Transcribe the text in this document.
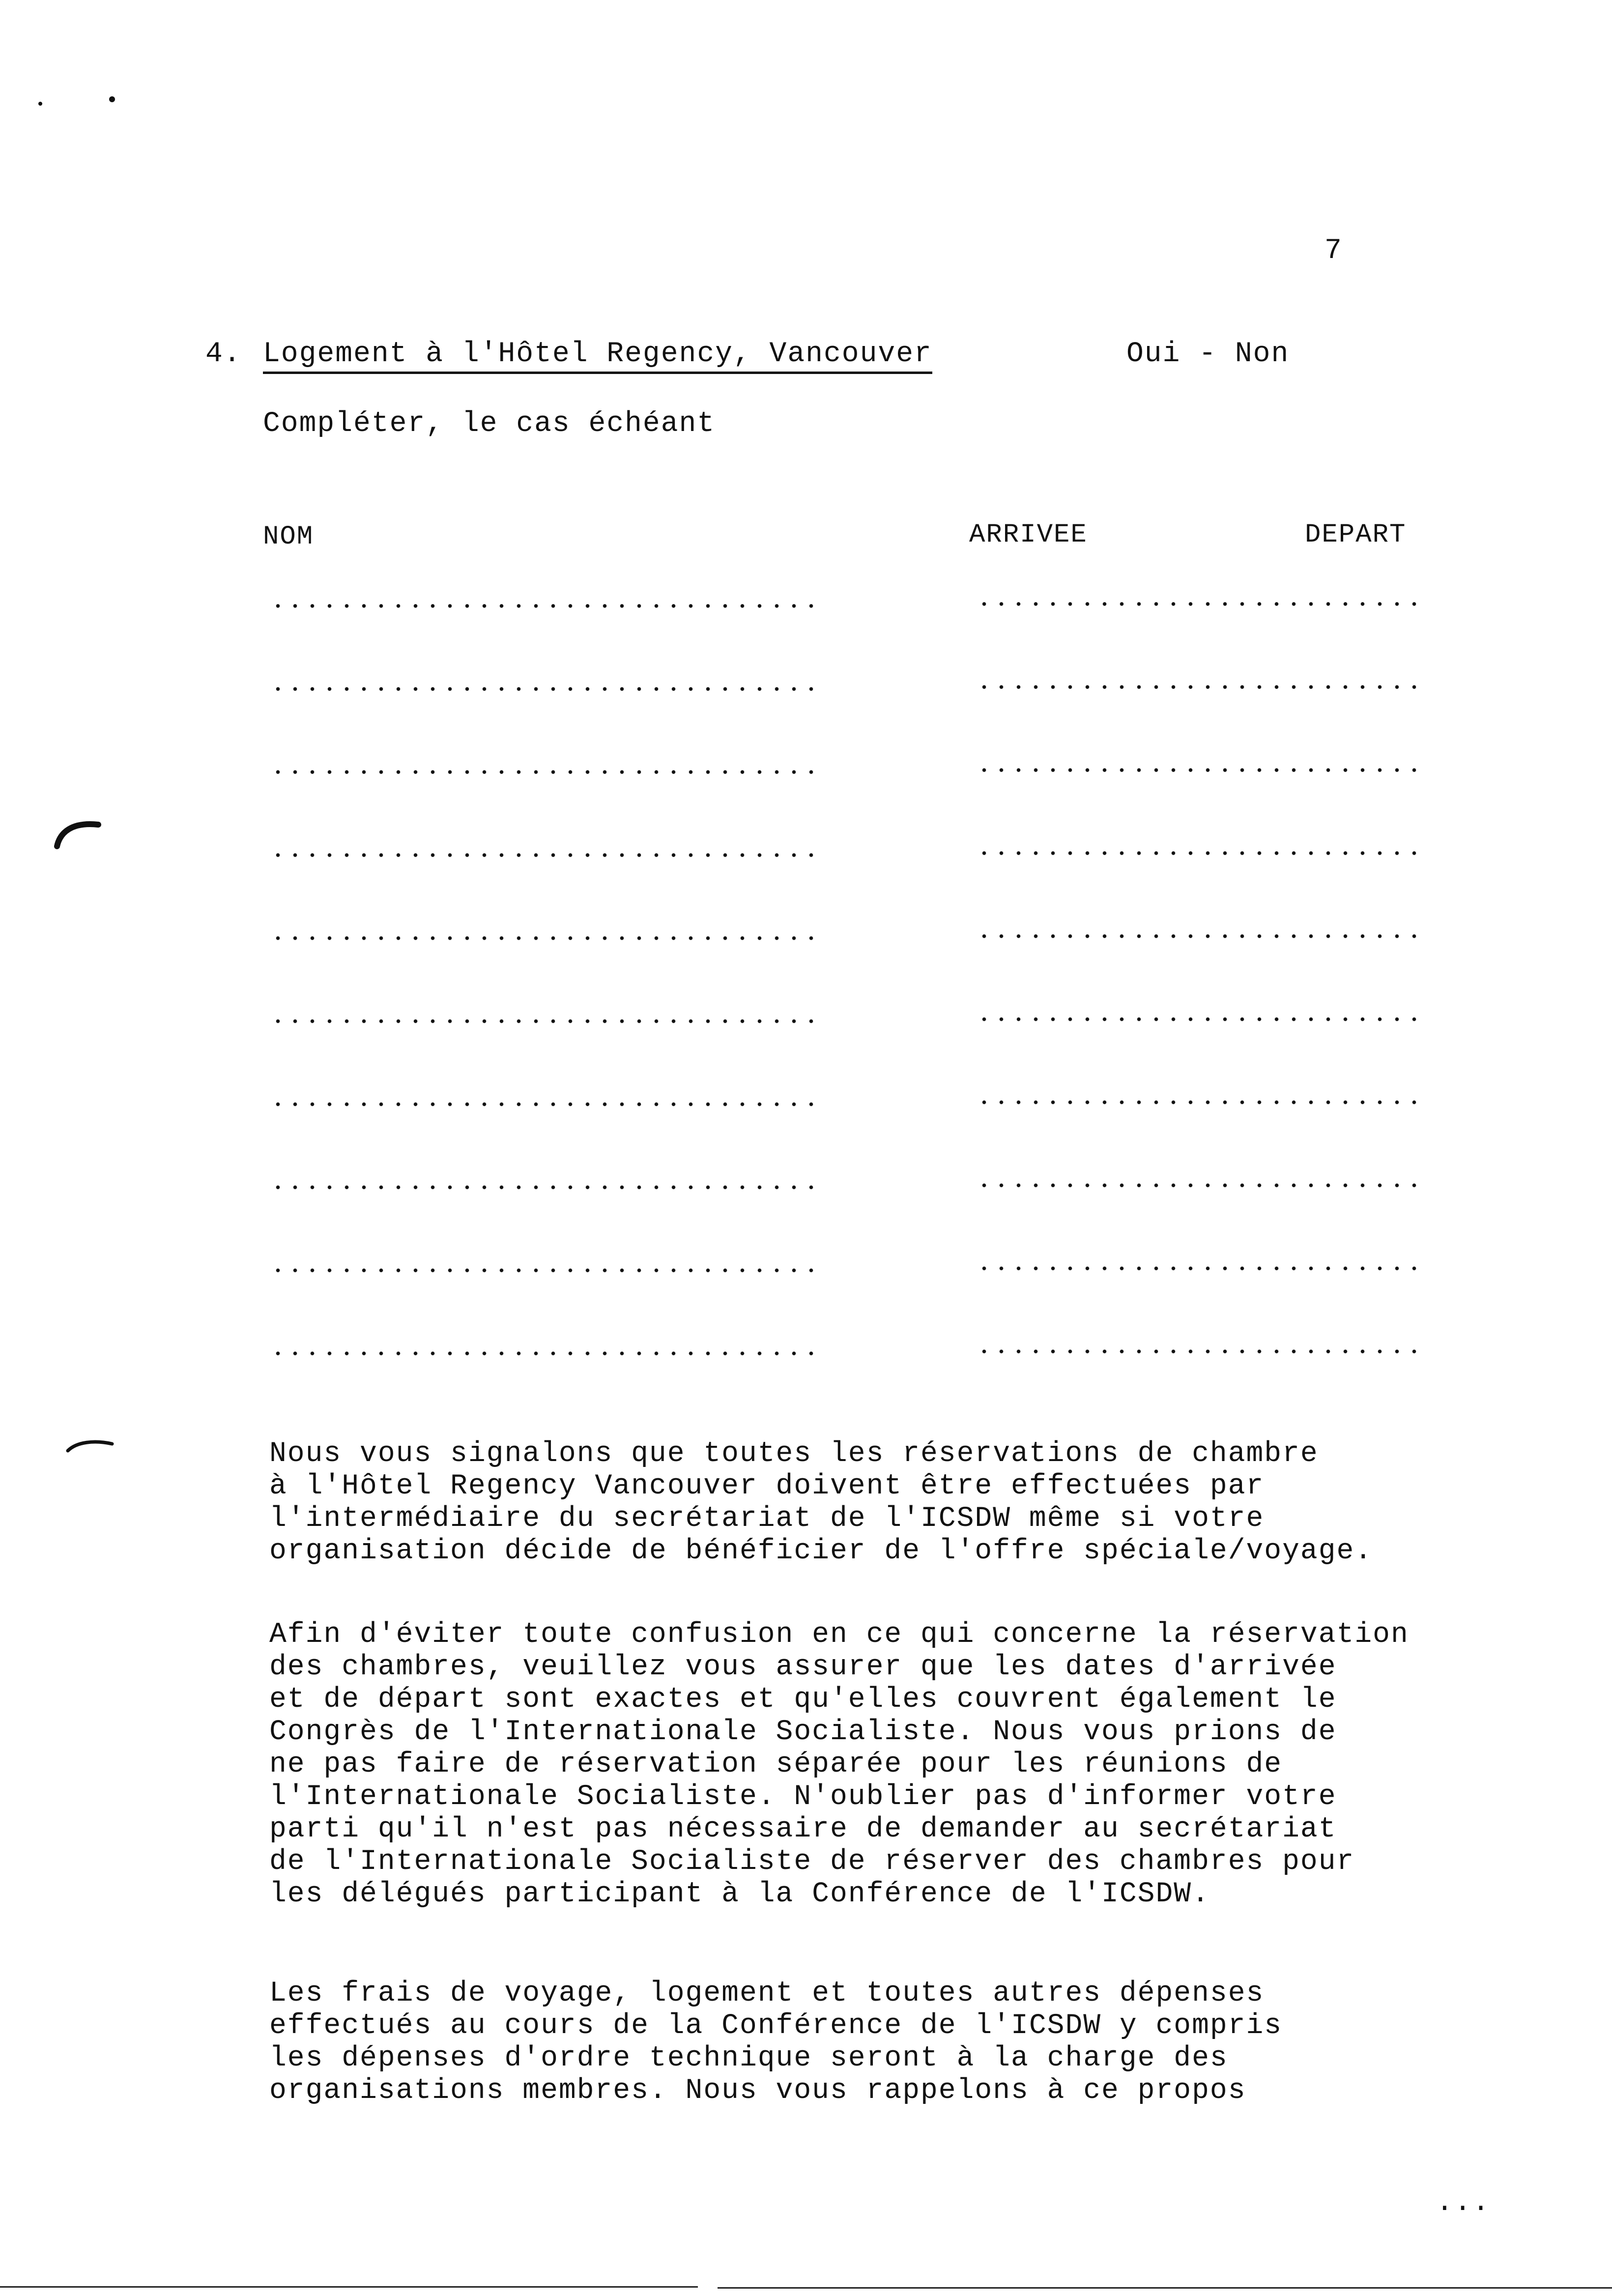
7
4. Logement à l'Hôtel Regency, Vancouver	Oui - Non
Compléter, le cas échéant
NOM	ARRIVEE	DEPART
Nous vous signalons que toutes les réservations de chambre
à l'Hôtel Regency Vancouver doivent être effectuées par
l'intermédiaire du secrétariat de l'ICSDW même si votre
organisation décide de bénéficier de l'offre spéciale/voyage.
Afin d'éviter toute confusion en ce qui concerne la réservation
des chambres, veuillez vous assurer que les dates d'arrivée
et de départ sont exactes et qu'elles couvrent également le
Congrès de l'Internationale Socialiste. Nous vous prions de
ne pas faire de réservation séparée pour les réunions de
l'Internationale Socialiste. N'oublier pas d'informer votre
parti qu'il n'est pas nécessaire de demander au secrétariat
de l'Internationale Socialiste de réserver des chambres pour
les délégués participant à la Conférence de l'ICSDW.
Les frais de voyage, logement et toutes autres dépenses
effectués au cours de la Conférence de l'ICSDW y compris
les dépenses d'ordre technique seront à la charge des
organisations membres. Nous vous rappelons à ce propos
...
